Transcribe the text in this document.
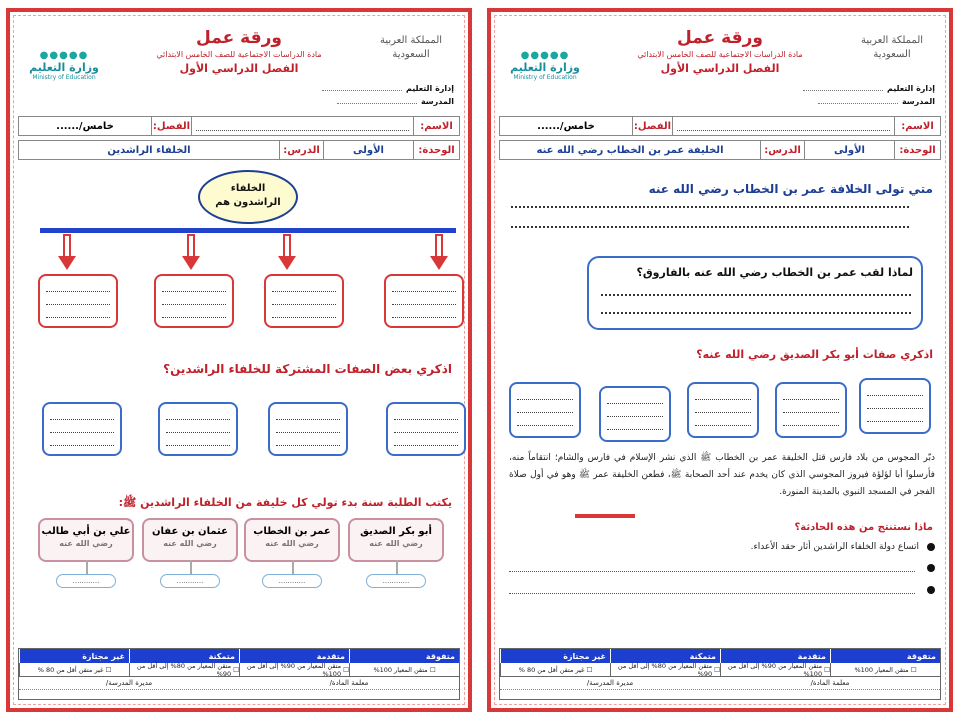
ورقة عمل
مادة الدراسات الاجتماعية للصف الخامس الابتدائي
الفصل الدراسي الأول
المملكة العربية السعودية
إدارة التعليم
المدرسة
●●●●●
وزارة التعليم
Ministry of Education
الاسم:
الفصل:
خامس/......
الوحدة:
الأولى
الدرس:
الخلفاء الراشدين
الخلفاء
الراشدون هم
اذكري بعض الصفات المشتركة للخلفاء الراشدين؟
يكتب الطلبة سنة بدء تولي كل خليفة من الخلفاء الراشدين ﷺ:
أبو بكر الصديق
رضي الله عنه
عمر بن الخطاب
رضي الله عنه
عثمان بن عفان
رضي الله عنه
علي بن أبي طالب
رضي الله عنه
............
............
............
............
متفوقة
متقدمة
متمكنة
غير مجتازة
☐
متقن المعيار 100%
☐
متقن المعيار من 90% إلى أقل من 100%
☐
متقن المعيار من 80% إلى أقل من 90%
☐
غير متقن أقل من 80 %
معلمة المادة/
مديرة المدرسة/
ورقة عمل
مادة الدراسات الاجتماعية للصف الخامس الابتدائي
الفصل الدراسي الأول
المملكة العربية السعودية
إدارة التعليم
المدرسة
●●●●●
وزارة التعليم
Ministry of Education
الاسم:
الفصل:
خامس/......
الوحدة:
الأولى
الدرس:
الخليفة عمر بن الخطاب رضي الله عنه
متي تولى الخلافة عمر بن الخطاب رضي الله عنه
لماذا لقب عمر بن الخطاب رضي الله عنه بالفاروق؟
اذكري صفات أبو بكر الصديق رضي الله عنه؟
دبّر المجوس من بلاد فارس قتل الخليفة عمر بن الخطاب ﷺ الذي نشر الإسلام في فارس والشام؛ انتقاماً منه، فأرسلوا أبا لؤلؤة فيروز المجوسي الذي كان يخدم عند أحد الصحابة ﷺ، فطعن الخليفة عمر ﷺ وهو في أول صلاة الفجر في المسجد النبوي بالمدينة المنورة.
ماذا نستنتج من هذه الحادثة؟
اتساع دولة الخلفاء الراشدين أثار حقد الأعداء.
متفوقة
متقدمة
متمكنة
غير مجتازة
☐
متقن المعيار 100%
☐
متقن المعيار من 90% إلى أقل من 100%
☐
متقن المعيار من 80% إلى أقل من 90%
☐
غير متقن أقل من 80 %
معلمة المادة/
مديرة المدرسة/
